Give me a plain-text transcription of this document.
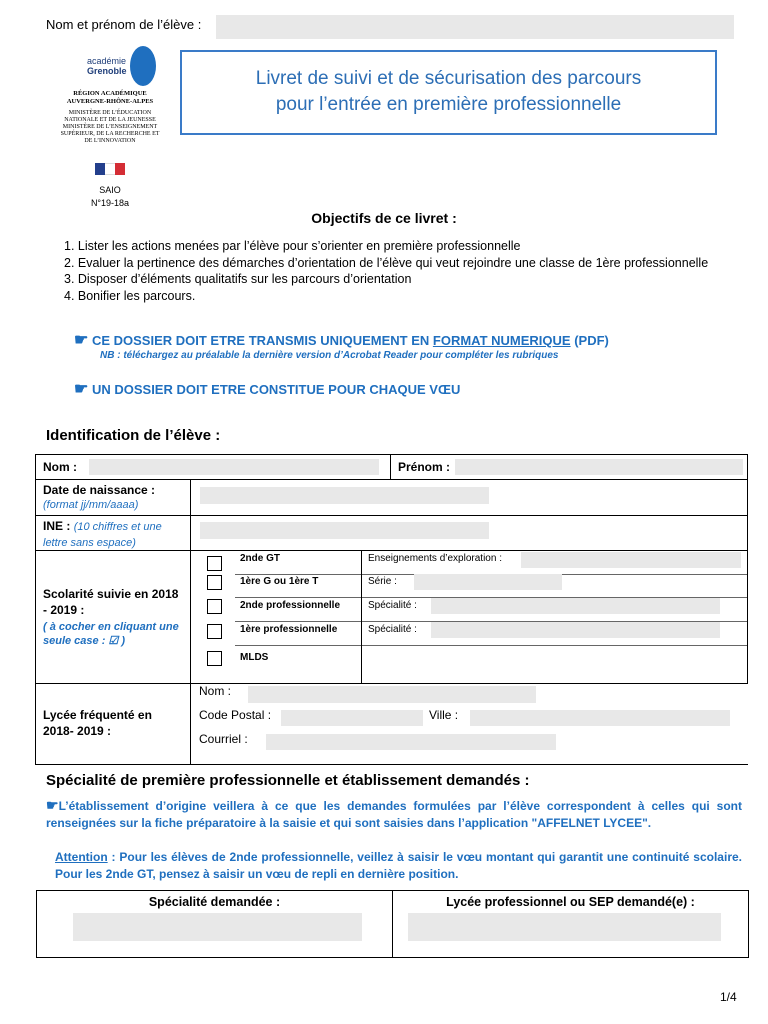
Nom et prénom de l’élève :
académie
Grenoble
RÉGION ACADÉMIQUE AUVERGNE-RHÔNE-ALPES
MINISTÈRE DE L’ÉDUCATION NATIONALE ET DE LA JEUNESSE MINISTÈRE DE L’ENSEIGNEMENT SUPÉRIEUR, DE LA RECHERCHE ET DE L’INNOVATION
SAIO
N°19-18a
Livret de suivi et de sécurisation des parcours
pour l’entrée en première professionnelle
Objectifs de ce livret :
1. Lister les actions menées par l’élève pour s’orienter en première professionnelle
2. Evaluer la pertinence des démarches d’orientation de l’élève qui veut rejoindre une classe de 1ère professionnelle
3. Disposer d’éléments qualitatifs sur les parcours d’orientation
4. Bonifier les parcours.
☛ CE DOSSIER DOIT ETRE TRANSMIS UNIQUEMENT EN FORMAT NUMERIQUE (PDF)
NB : téléchargez au préalable la dernière version d’Acrobat Reader pour compléter les rubriques
☛ UN DOSSIER DOIT ETRE CONSTITUE POUR CHAQUE VŒU
Identification de l’élève :
Nom :	Prénom :
Date de naissance :
(format jj/mm/aaaa)
INE : (10 chiffres et une lettre sans espace)
Scolarité suivie en 2018 - 2019 :
( à cocher en cliquant une seule case : ☑ )
2nde GT	Enseignements d’exploration :
1ère G ou 1ère T	Série :
2nde professionnelle	Spécialité :
1ère professionnelle	Spécialité :
MLDS
Lycée fréquenté en 2018- 2019 :
Nom :
Code Postal :	Ville :
Courriel :
Spécialité de première professionnelle et établissement demandés :
☛L’établissement d’origine veillera à ce que les demandes formulées par l’élève correspondent à celles qui sont renseignées sur la fiche préparatoire à la saisie et qui sont saisies dans l’application "AFFELNET LYCEE".
Attention : Pour les élèves de 2nde professionnelle, veillez à saisir le vœu montant qui garantit une continuité scolaire. Pour les 2nde GT, pensez à saisir un vœu de repli en dernière position.
Spécialité demandée :	Lycée professionnel ou SEP demandé(e) :
1/4
